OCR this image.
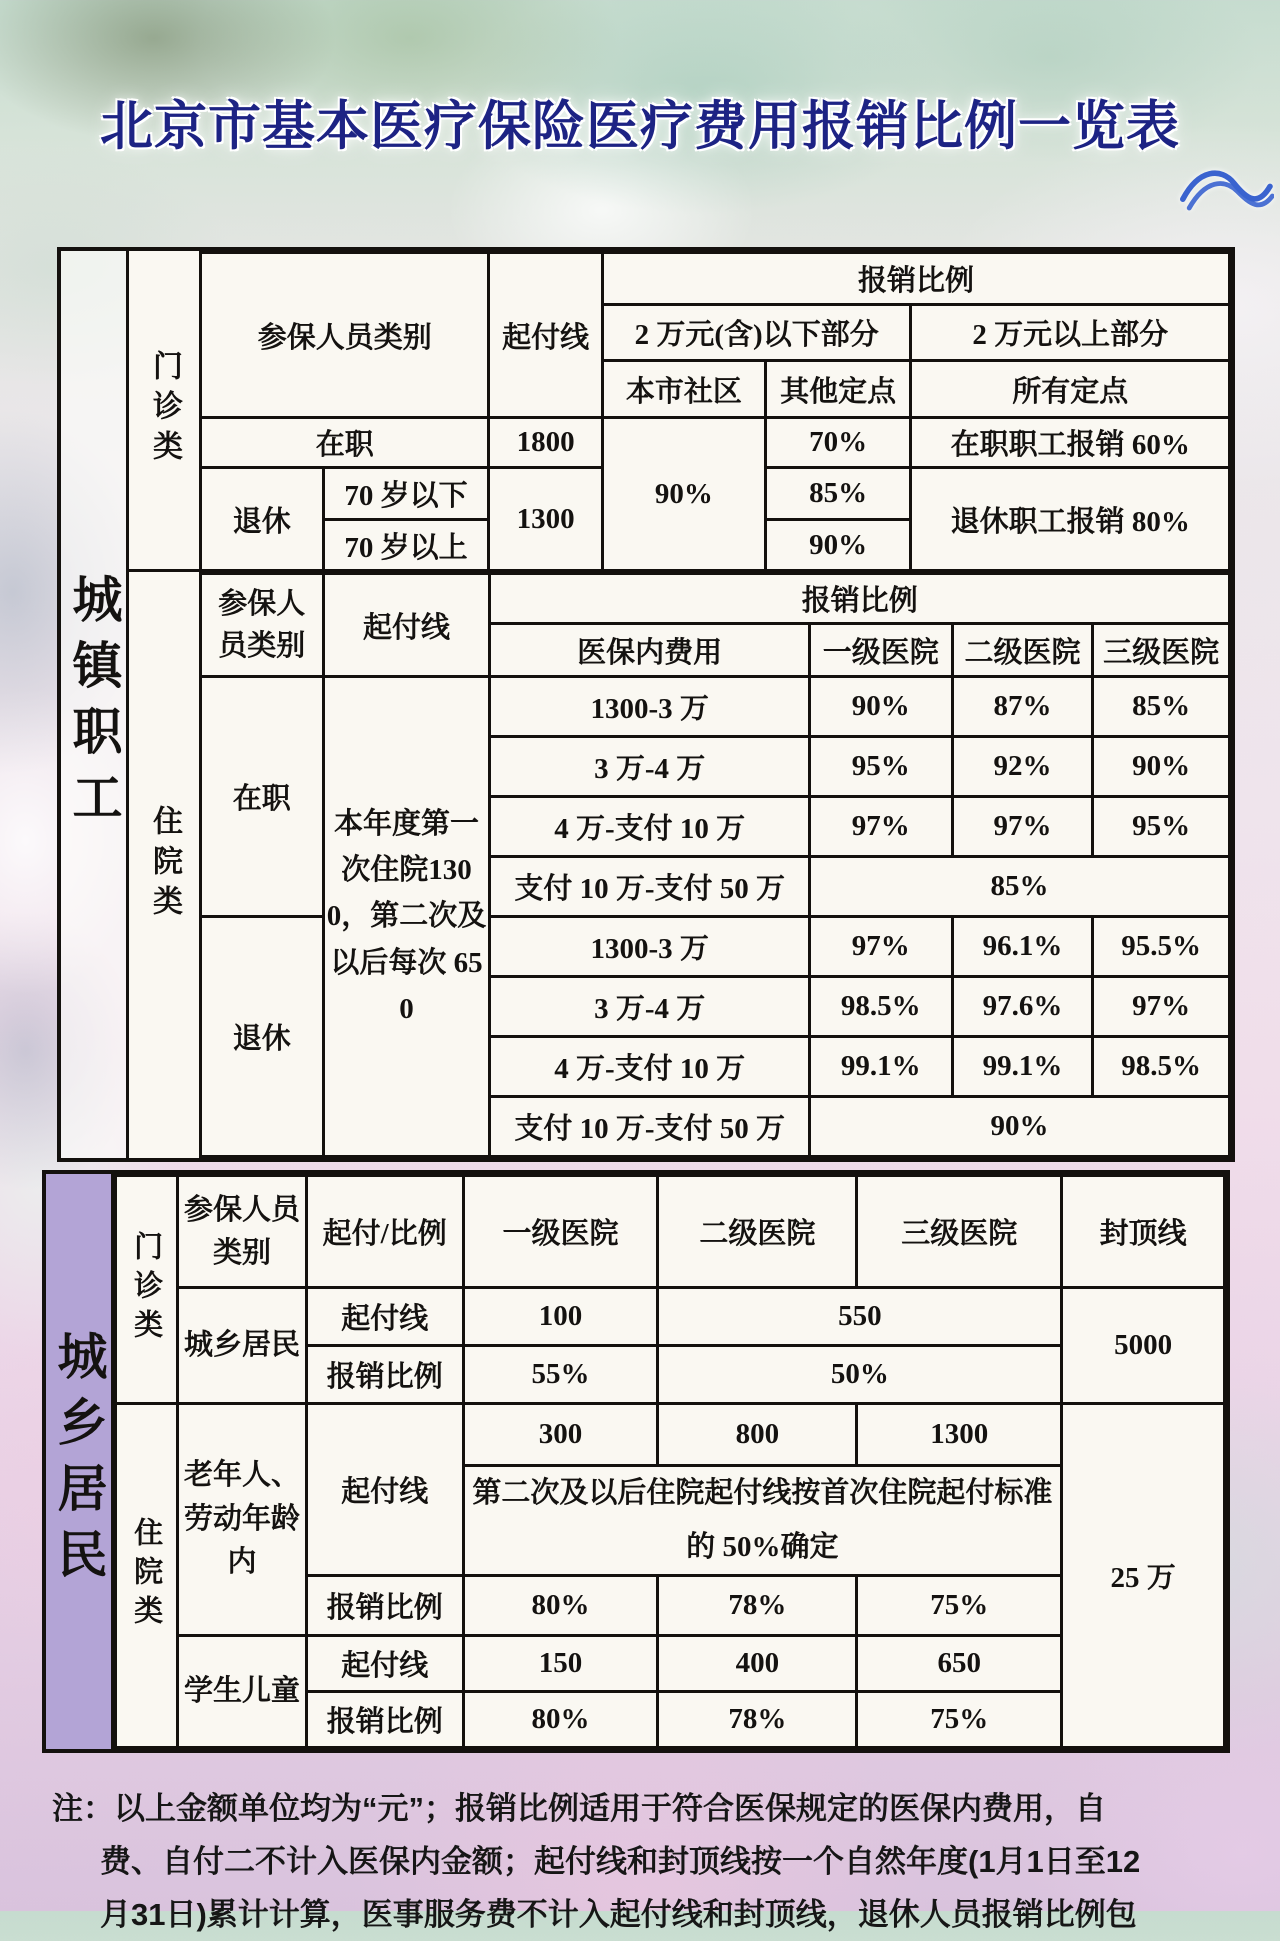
北京市基本医疗保险医疗费用报销比例一览表
城镇职工
门诊类
参保人员类别		起付线	报销比例		
			2 万元(含)以下部分		2 万元以上部分
			本市社区	其他定点	所有定点
在职		1800	90%	70%	在职职工报销 60%
退休	70 岁以下	1300		85%	退休职工报销 80%
	70 岁以上			90%	
住院类
参保人员类别	起付线	报销比例			
		医保内费用	一级医院	二级医院	三级医院
在职	本年度第一次住院1300，第二次及以后每次 650	1300-3 万	90%	87%	85%
		3 万-4 万	95%	92%	90%
		4 万-支付 10 万	97%	97%	95%
		支付 10 万-支付 50 万	85%		
退休		1300-3 万	97%	96.1%	95.5%
		3 万-4 万	98.5%	97.6%	97%
		4 万-支付 10 万	99.1%	99.1%	98.5%
		支付 10 万-支付 50 万	90%		
城乡居民
门诊类	参保人员类别	起付/比例	一级医院	二级医院	三级医院	封顶线
	城乡居民	起付线	100	550		5000
		报销比例	55%	50%		
住院类	老年人、劳动年龄内	起付线	300	800	1300	25 万
			第二次及以后住院起付线按首次住院起付标准的 50%确定			
		报销比例	80%	78%	75%	
	学生儿童	起付线	150	400	650	
		报销比例	80%	78%	75%	
注：以上金额单位均为“元”；报销比例适用于符合医保规定的医保内费用，自
费、自付二不计入医保内金额；起付线和封顶线按一个自然年度(1月1日至12
月31日)累计计算，医事服务费不计入起付线和封顶线，退休人员报销比例包
